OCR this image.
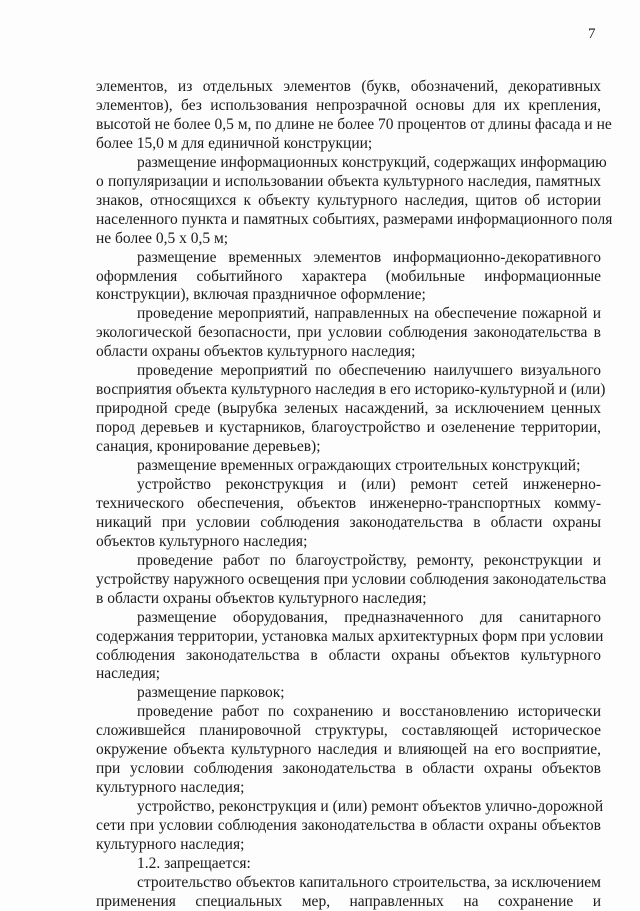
7
элементов, из отдельных элементов (букв, обозначений, декоративных
элементов), без использования непрозрачной основы для их крепления,
высотой не более 0,5 м, по длине не более 70 процентов от длины фасада и не
более 15,0 м для единичной конструкции;
размещение информационных конструкций, содержащих информацию
о популяризации и использовании объекта культурного наследия, памятных
знаков, относящихся к объекту культурного наследия, щитов об истории
населенного пункта и памятных событиях, размерами информационного поля
не более 0,5 х 0,5 м;
размещение временных элементов информационно-декоративного
оформления событийного характера (мобильные информационные
конструкции), включая праздничное оформление;
проведение мероприятий, направленных на обеспечение пожарной и
экологической безопасности, при условии соблюдения законодательства в
области охраны объектов культурного наследия;
проведение мероприятий по обеспечению наилучшего визуального
восприятия объекта культурного наследия в его историко-культурной и (или)
природной среде (вырубка зеленых насаждений, за исключением ценных
пород деревьев и кустарников, благоустройство и озеленение территории,
санация, кронирование деревьев);
размещение временных ограждающих строительных конструкций;
устройство реконструкция и (или) ремонт сетей инженерно-
технического обеспечения, объектов инженерно-транспортных комму-
никаций при условии соблюдения законодательства в области охраны
объектов культурного наследия;
проведение работ по благоустройству, ремонту, реконструкции и
устройству наружного освещения при условии соблюдения законодательства
в области охраны объектов культурного наследия;
размещение оборудования, предназначенного для санитарного
содержания территории, установка малых архитектурных форм при условии
соблюдения законодательства в области охраны объектов культурного
наследия;
размещение парковок;
проведение работ по сохранению и восстановлению исторически
сложившейся планировочной структуры, составляющей историческое
окружение объекта культурного наследия и влияющей на его восприятие,
при условии соблюдения законодательства в области охраны объектов
культурного наследия;
устройство, реконструкция и (или) ремонт объектов улично-дорожной
сети при условии соблюдения законодательства в области охраны объектов
культурного наследия;
1.2. запрещается:
строительство объектов капитального строительства, за исключением
применения специальных мер, направленных на сохранение и
